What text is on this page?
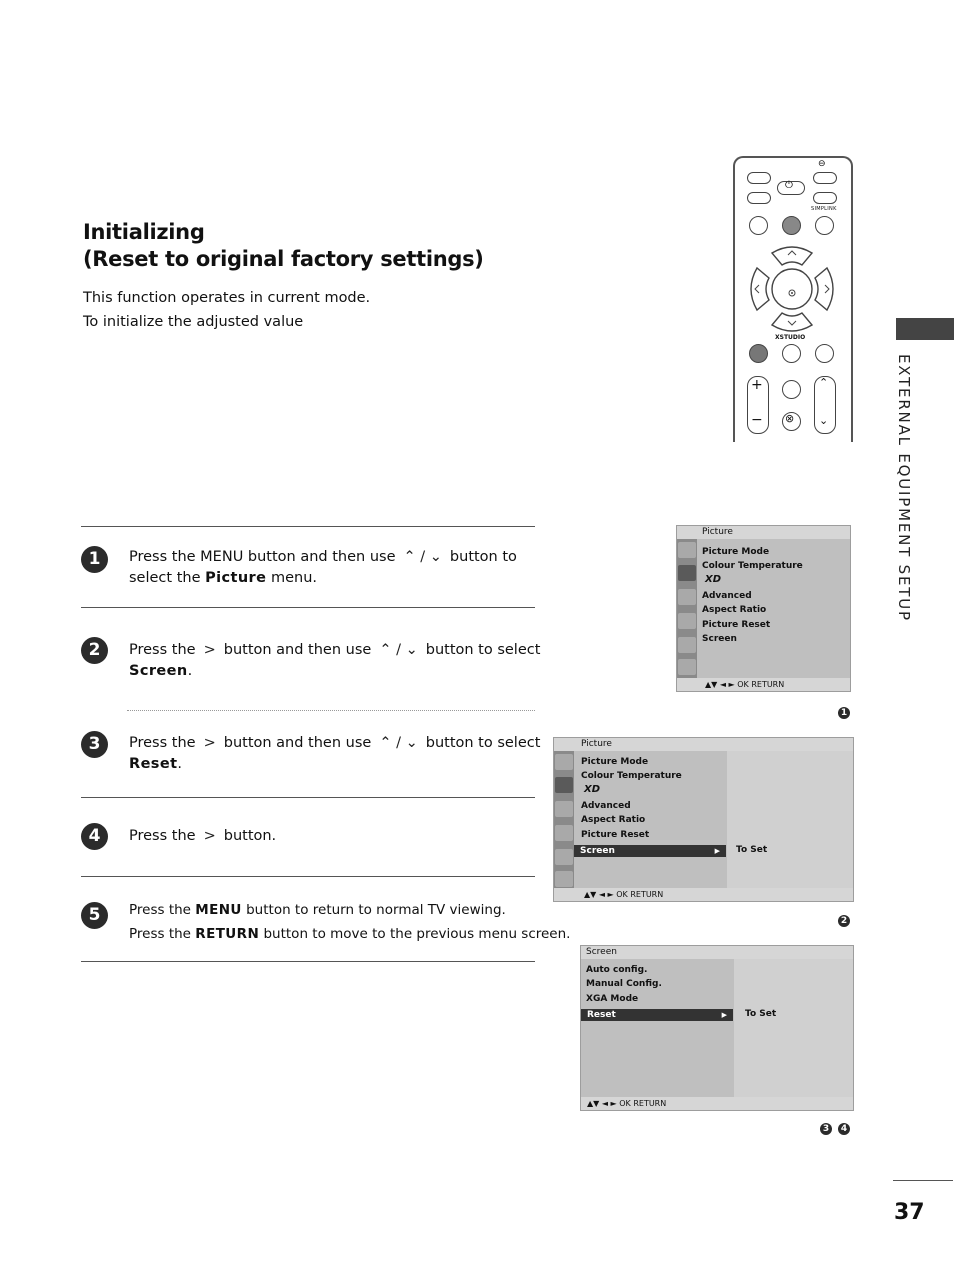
Initializing
(Reset to original factory settings)
This function operates in current mode.
To initialize the adjusted value
EXTERNAL EQUIPMENT SETUP
⊖
⏻
SIMPLINK
XSTUDIO
+
− ⊗
⌃
⌄
1	Press the MENU button and then use ⌃ / ⌄ button to
select the Picture menu.
2	Press the > button and then use ⌃ / ⌄ button to select
Screen.
3	Press the > button and then use ⌃ / ⌄ button to select
Reset.
4	Press the > button.
5	Press the MENU button to return to normal TV viewing.
Press the RETURN button to move to the previous menu screen.
Picture
Picture Mode
Colour Temperature
XD
Advanced
Aspect Ratio
Picture Reset
Screen
▲▼ ◄ ► OK RETURN
1
Picture
Picture Mode
Colour Temperature
XD
Advanced
Aspect Ratio
Picture Reset
Screen	▶ To Set
▲▼ ◄ ► OK RETURN
2
Screen
Auto config.
Manual Config.
XGA Mode
Reset	▶ To Set
▲▼ ◄ ► OK RETURN
3	4
37
